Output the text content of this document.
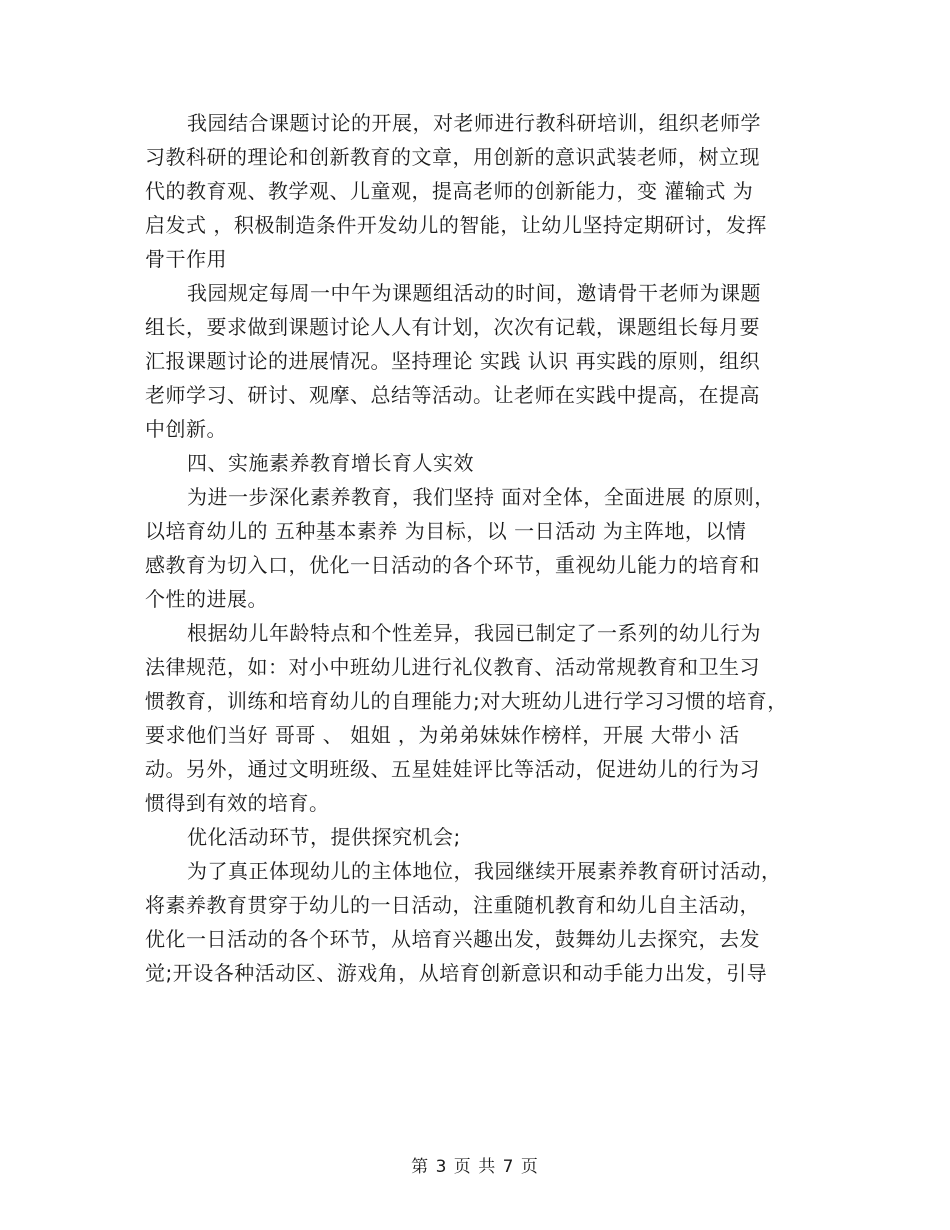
我园结合课题讨论的开展，对老师进行教科研培训，组织老师学
习教科研的理论和创新教育的文章，用创新的意识武装老师，树立现
代的教育观、教学观、儿童观，提高老师的创新能力，变 灌输式 为
启发式 ，积极制造条件开发幼儿的智能，让幼儿坚持定期研讨，发挥
骨干作用
我园规定每周一中午为课题组活动的时间，邀请骨干老师为课题
组长，要求做到课题讨论人人有计划，次次有记载，课题组长每月要
汇报课题讨论的进展情况。坚持理论 实践 认识 再实践的原则，组织
老师学习、研讨、观摩、总结等活动。让老师在实践中提高，在提高
中创新。
四、实施素养教育增长育人实效
为进一步深化素养教育，我们坚持 面对全体，全面进展 的原则，
以培育幼儿的 五种基本素养 为目标，以 一日活动 为主阵地，以情
感教育为切入口，优化一日活动的各个环节，重视幼儿能力的培育和
个性的进展。
根据幼儿年龄特点和个性差异，我园已制定了一系列的幼儿行为
法律规范，如：对小中班幼儿进行礼仪教育、活动常规教育和卫生习
惯教育，训练和培育幼儿的自理能力;对大班幼儿进行学习习惯的培育，
要求他们当好 哥哥 、 姐姐 ，为弟弟妹妹作榜样，开展 大带小 活
动。另外，通过文明班级、五星娃娃评比等活动，促进幼儿的行为习
惯得到有效的培育。
优化活动环节，提供探究机会;
为了真正体现幼儿的主体地位，我园继续开展素养教育研讨活动，
将素养教育贯穿于幼儿的一日活动，注重随机教育和幼儿自主活动，
优化一日活动的各个环节，从培育兴趣出发，鼓舞幼儿去探究，去发
觉;开设各种活动区、游戏角，从培育创新意识和动手能力出发，引导
第 3 页 共 7 页
